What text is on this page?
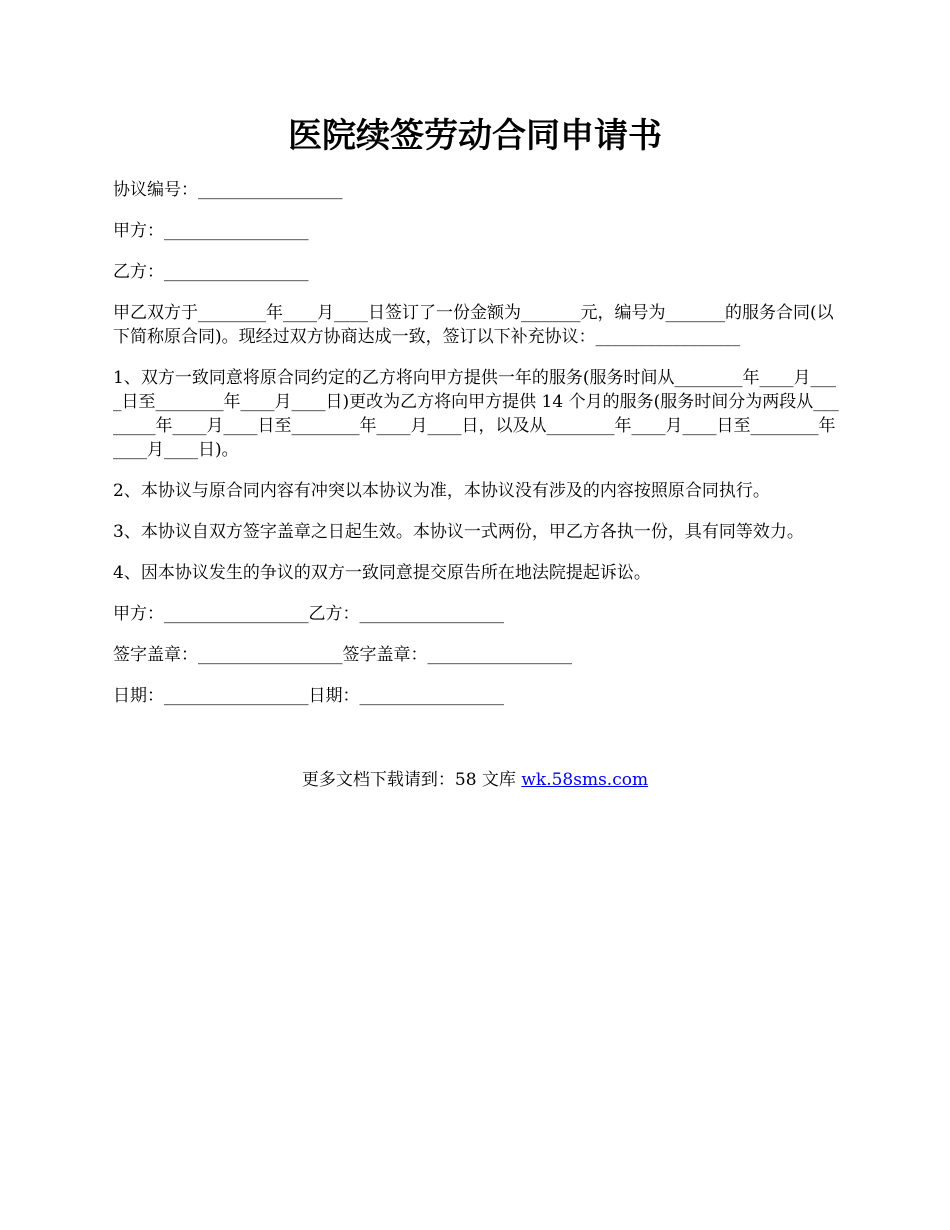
医院续签劳动合同申请书

协议编号：_________________

甲方：_________________

乙方：_________________

甲乙双方于________年____月____日签订了一份金额为_______元，编号为_______的服务合同(以下简称原合同)。现经过双方协商达成一致，签订以下补充协议：_________________

1、双方一致同意将原合同约定的乙方将向甲方提供一年的服务(服务时间从________年____月____日至________年____月____日)更改为乙方将向甲方提供 14 个月的服务(服务时间分为两段从________年____月____日至________年____月____日，以及从________年____月____日至________年____月____日)。

2、本协议与原合同内容有冲突以本协议为准，本协议没有涉及的内容按照原合同执行。

3、本协议自双方签字盖章之日起生效。本协议一式两份，甲乙方各执一份，具有同等效力。

4、因本协议发生的争议的双方一致同意提交原告所在地法院提起诉讼。

甲方：_________________乙方：_________________

签字盖章：_________________签字盖章：_________________

日期：_________________日期：_________________

更多文档下载请到：58 文库 wk.58sms.com
